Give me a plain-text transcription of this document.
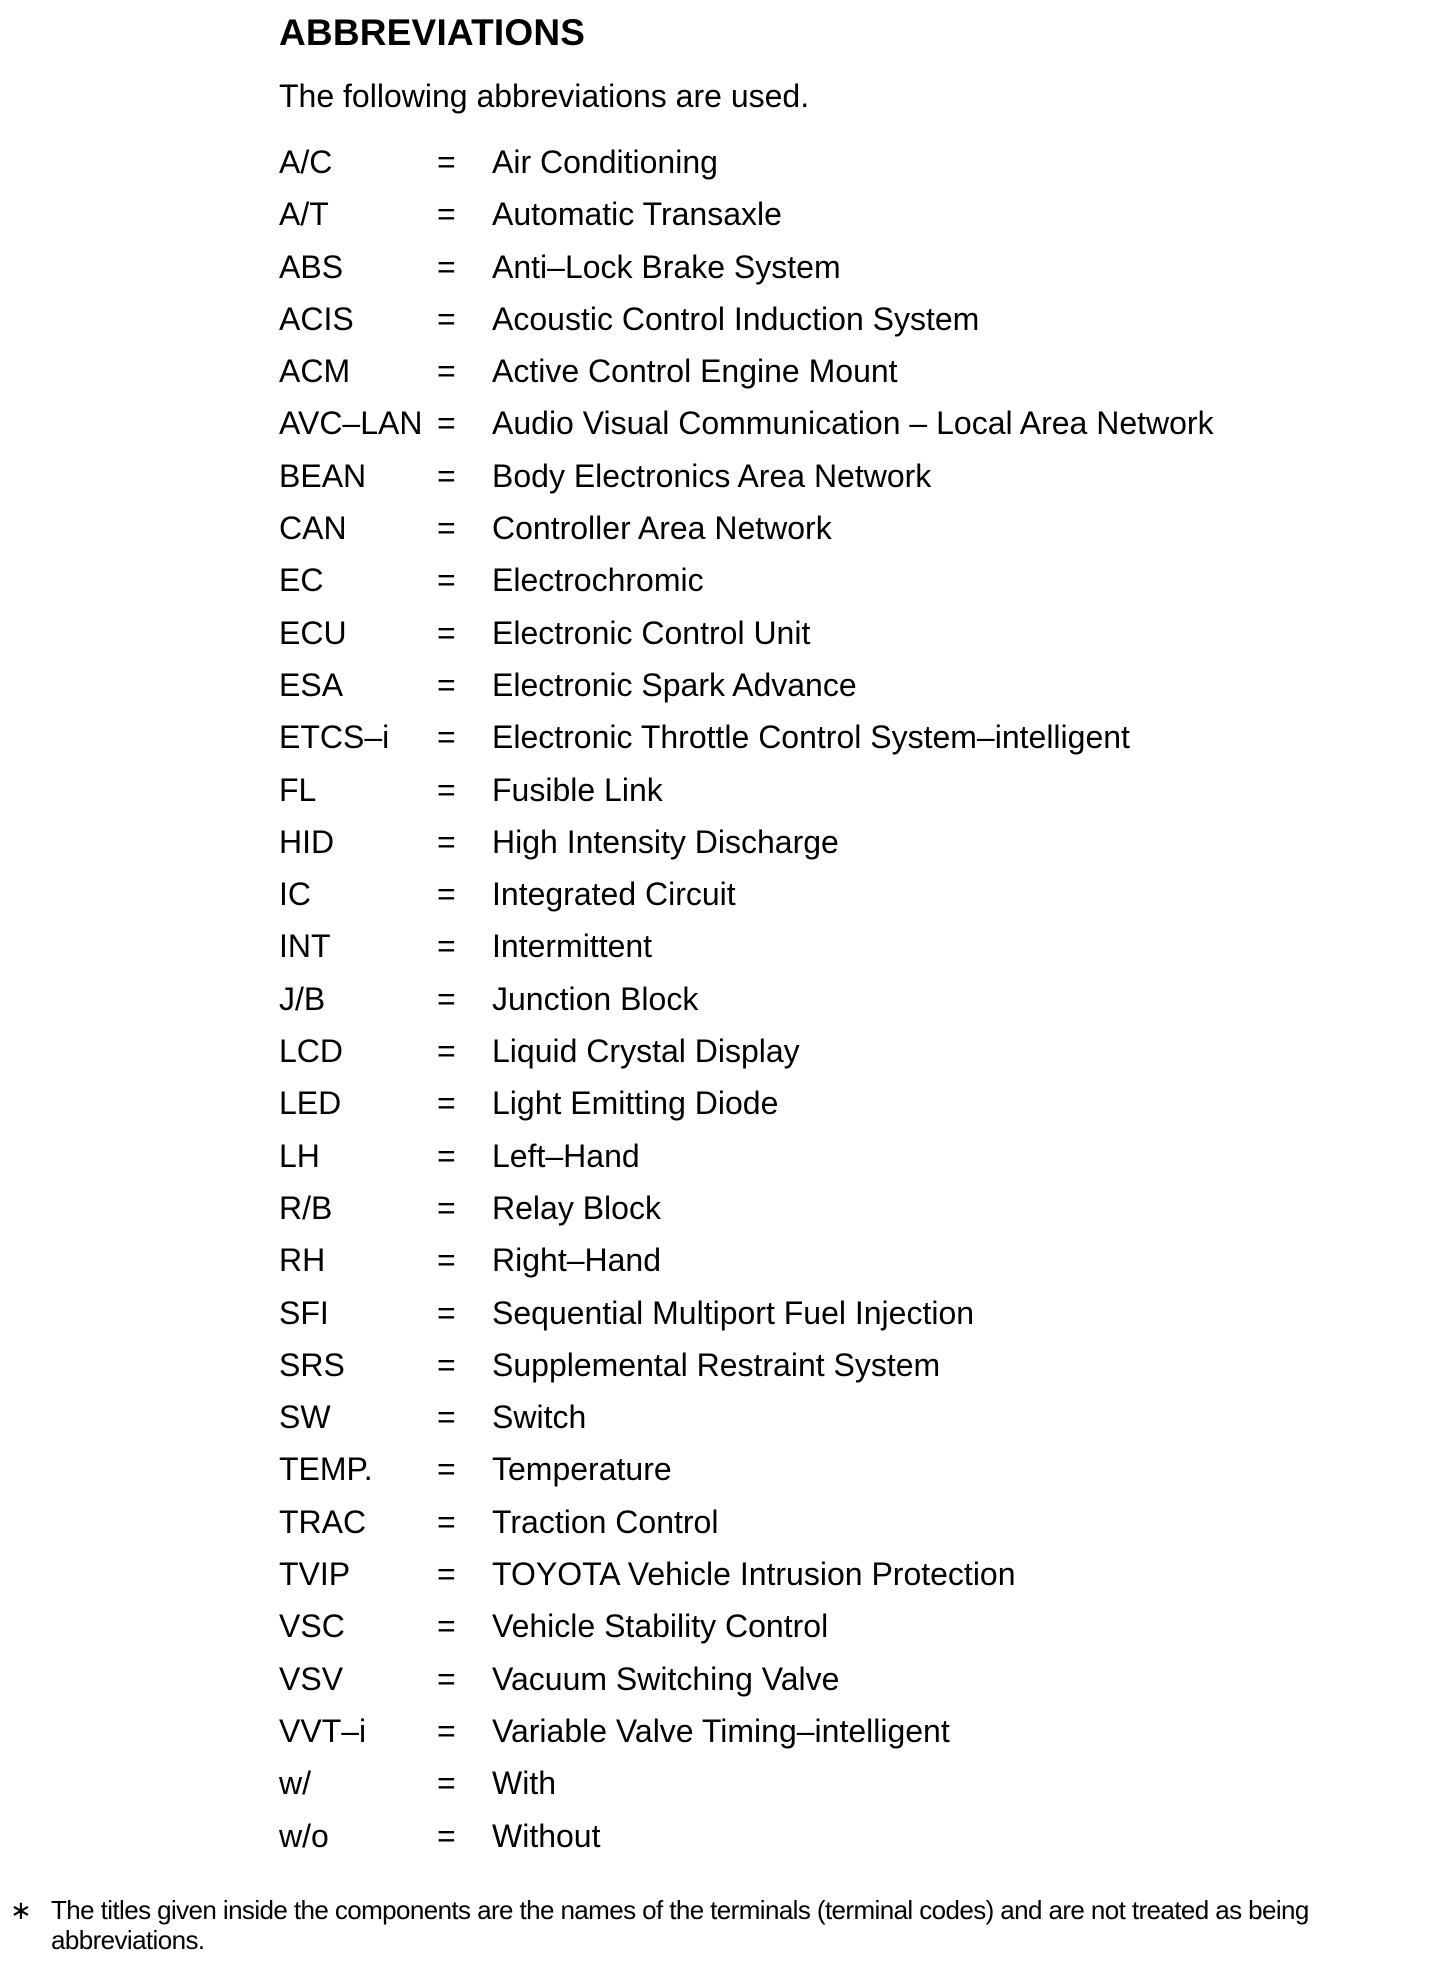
ABBREVIATIONS

The following abbreviations are used.

A/C	= Air Conditioning
A/T	= Automatic Transaxle
ABS	= Anti–Lock Brake System
ACIS	= Acoustic Control Induction System
ACM	= Active Control Engine Mount
AVC–LAN = Audio Visual Communication – Local Area Network
BEAN = Body Electronics Area Network
CAN	= Controller Area Network
EC	= Electrochromic
ECU	= Electronic Control Unit
ESA	= Electronic Spark Advance
ETCS–i = Electronic Throttle Control System–intelligent
FL	= Fusible Link
HID	= High Intensity Discharge
IC	= Integrated Circuit
INT	= Intermittent
J/B	= Junction Block
LCD	= Liquid Crystal Display
LED	= Light Emitting Diode
LH	= Left–Hand
R/B	= Relay Block
RH	= Right–Hand
SFI	= Sequential Multiport Fuel Injection
SRS	= Supplemental Restraint System
SW	= Switch
TEMP. = Temperature
TRAC = Traction Control
TVIP	= TOYOTA Vehicle Intrusion Protection
VSC	= Vehicle Stability Control
VSV	= Vacuum Switching Valve
VVT–i = Variable Valve Timing–intelligent
w/	= With
w/o	= Without
∗ The titles given inside the components are the names of the terminals (terminal codes) and are not treated as being abbreviations.
